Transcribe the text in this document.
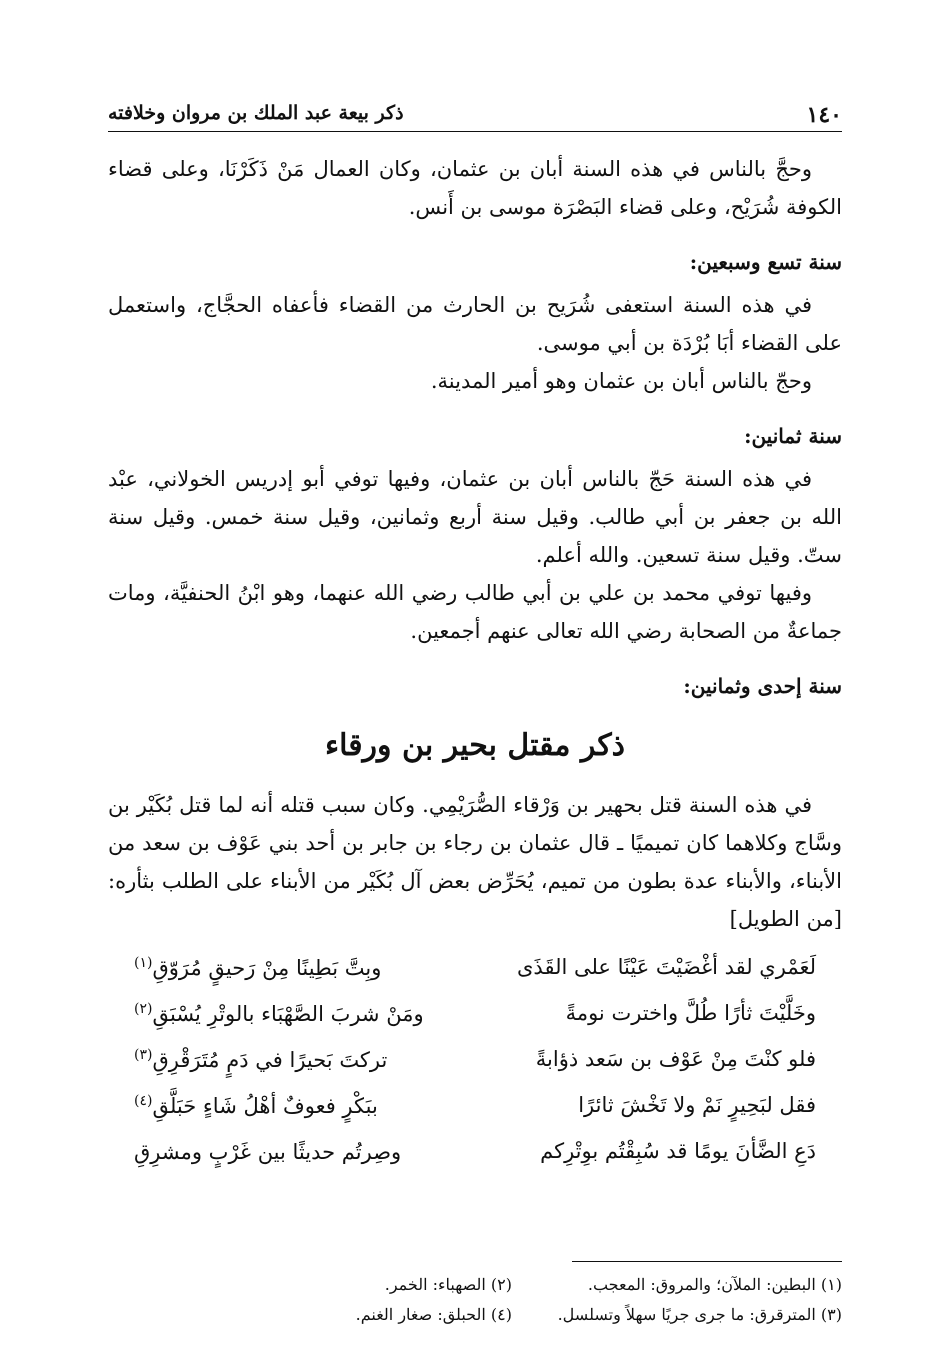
١٤٠
ذكر بيعة عبد الملك بن مروان وخلافته

وحجَّ بالناس في هذه السنة أبان بن عثمان، وكان العمال مَنْ ذَكَرْنَا، وعلى قضاء الكوفة شُرَيْح، وعلى قضاء البَصْرَة موسى بن أَنس.

سنة تسع وسبعين:

في هذه السنة استعفى شُرَيح بن الحارث من القضاء فأعفاه الحجَّاج، واستعمل على القضاء أبَا بُرْدَة بن أبي موسى.

وحجّ بالناس أبان بن عثمان وهو أمير المدينة.

سنة ثمانين:

في هذه السنة حَجّ بالناس أبان بن عثمان، وفيها توفي أبو إدريس الخولاني، عبْد الله بن جعفر بن أبي طالب. وقيل سنة أربع وثمانين، وقيل سنة خمس. وقيل سنة ستّ. وقيل سنة تسعين. والله أعلم.

وفيها توفي محمد بن علي بن أبي طالب رضي الله عنهما، وهو ابْنُ الحنفيَّة، ومات جماعةٌ من الصحابة رضي الله تعالى عنهم أجمعين.

سنة إحدى وثمانين:
ذكر مقتل بحير بن ورقاء

في هذه السنة قتل بحهير بن وَرْقاء الصُّرَيْمِي. وكان سبب قتله أنه لما قتل بُكَيْر بن وسَّاج وكلاهما كان تميميًا ـ قال عثمان بن رجاء بن جابر بن أحد بني عَوْف بن سعد من الأبناء، والأبناء عدة بطون من تميم، يُحَرِّض بعض آل بُكَيْر من الأبناء على الطلب بثأره: [من الطويل]

لَعَمْري لقد أغْضَيْتَ عَيْنًا على القَذَى
وبِتَّ بَطِينًا مِنْ رَحيقٍ مُرَوّقِ$^{(١)}$
وخَلَّيْتَ ثأرًا طُلَّ واخترت نومةً
ومَنْ شربَ الصَّهْبَاء بالوتْرِ يُسْبَقِ$^{(٢)}$
فلو كنْتَ مِنْ عَوْف بن سَعد ذؤابةً
تركتَ بَحيرًا في دَمٍ مُتَرَقْرِقِ$^{(٣)}$
فقل لبَحِيرٍ نَمْ ولا تَخْشَ ثائرًا
ببَكْرٍ فعوفٌ أهْلُ شَاءٍ حَبَلَّقِ$^{(٤)}$
دَعِ الضَّأنَ يومًا قد سُبِقْتُم بوِتْرِكم
وصِرتُم حديثًا بين غَرْبٍ ومشرِقِ
(١) البطين: الملآن؛ والمروق: المعجب.
(٢) الصهباء: الخمر.
(٣) المترقرق: ما جرى جريًا سهلاً وتسلسل.
(٤) الحبلق: صغار الغنم.
